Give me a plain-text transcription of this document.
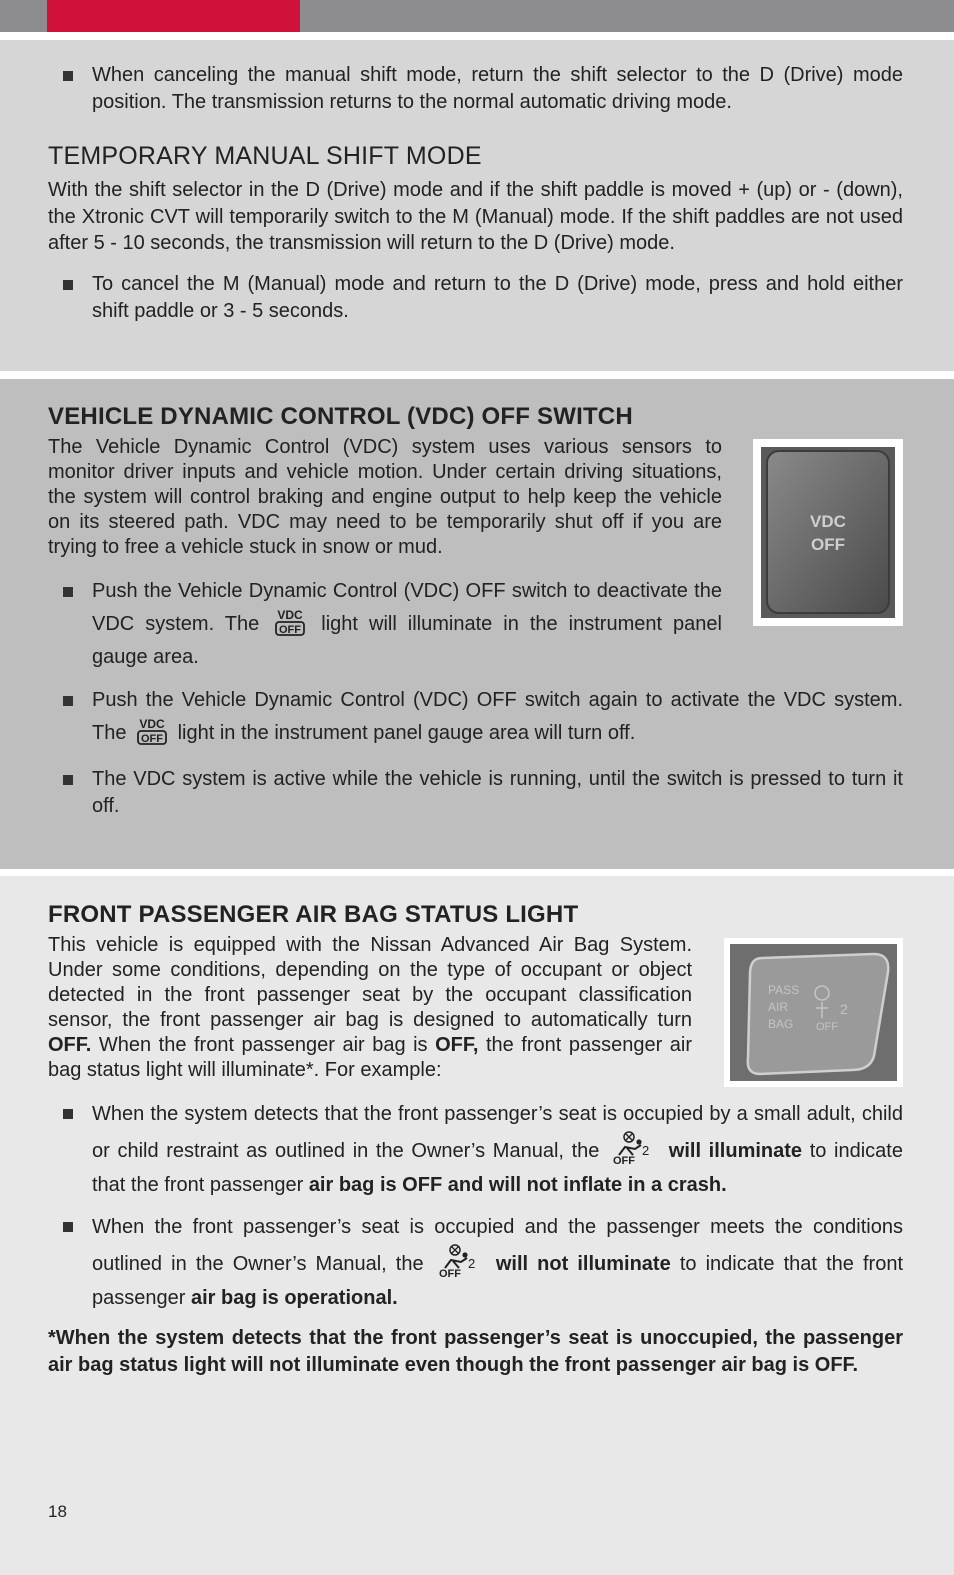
When canceling the manual shift mode, return the shift selector to the D (Drive) mode position. The transmission returns to the normal automatic driving mode.
TEMPORARY MANUAL SHIFT MODE
With the shift selector in the D (Drive) mode and if the shift paddle is moved + (up) or - (down), the Xtronic CVT will temporarily switch to the M (Manual) mode. If the shift paddles are not used after 5 - 10 seconds, the transmission will return to the D (Drive) mode.
To cancel the M (Manual) mode and return to the D (Drive) mode, press and hold either shift paddle or 3 - 5 seconds.
VEHICLE DYNAMIC CONTROL (VDC) OFF SWITCH
The Vehicle Dynamic Control (VDC) system uses various sensors to monitor driver inputs and vehicle motion. Under certain driving situations, the system will control braking and engine output to help keep the vehicle on its steered path. VDC may need to be temporarily shut off if you are trying to free a vehicle stuck in snow or mud.
VDC
OFF
Push the Vehicle Dynamic Control (VDC) OFF switch to deactivate the VDC system. The VDC
OFF light will illuminate in the instrument panel gauge area.
Push the Vehicle Dynamic Control (VDC) OFF switch again to activate the VDC system. The VDC
OFF light in the instrument panel gauge area will turn off.
The VDC system is active while the vehicle is running, until the switch is pressed to turn it off.
FRONT PASSENGER AIR BAG STATUS LIGHT
This vehicle is equipped with the Nissan Advanced Air Bag System. Under some conditions, depending on the type of occupant or object detected in the front passenger seat by the occupant classification sensor, the front passenger air bag is designed to automatically turn OFF. When the front passenger air bag is OFF, the front passenger air bag status light will illuminate*. For example:
PASS
AIR
BAG
2
OFF
When the system detects that the front passenger’s seat is occupied by a small adult, child or child restraint as outlined in the Owner’s Manual, the	2
OFF will illuminate to indicate that the front passenger air bag is OFF and will not inflate in a crash.
When the front passenger’s seat is occupied and the passenger meets the conditions outlined in the Owner’s Manual, the	2
OFF will not illuminate to indicate that the front passenger air bag is operational.
*When the system detects that the front passenger’s seat is unoccupied, the passenger air bag status light will not illuminate even though the front passenger air bag is OFF.
18
